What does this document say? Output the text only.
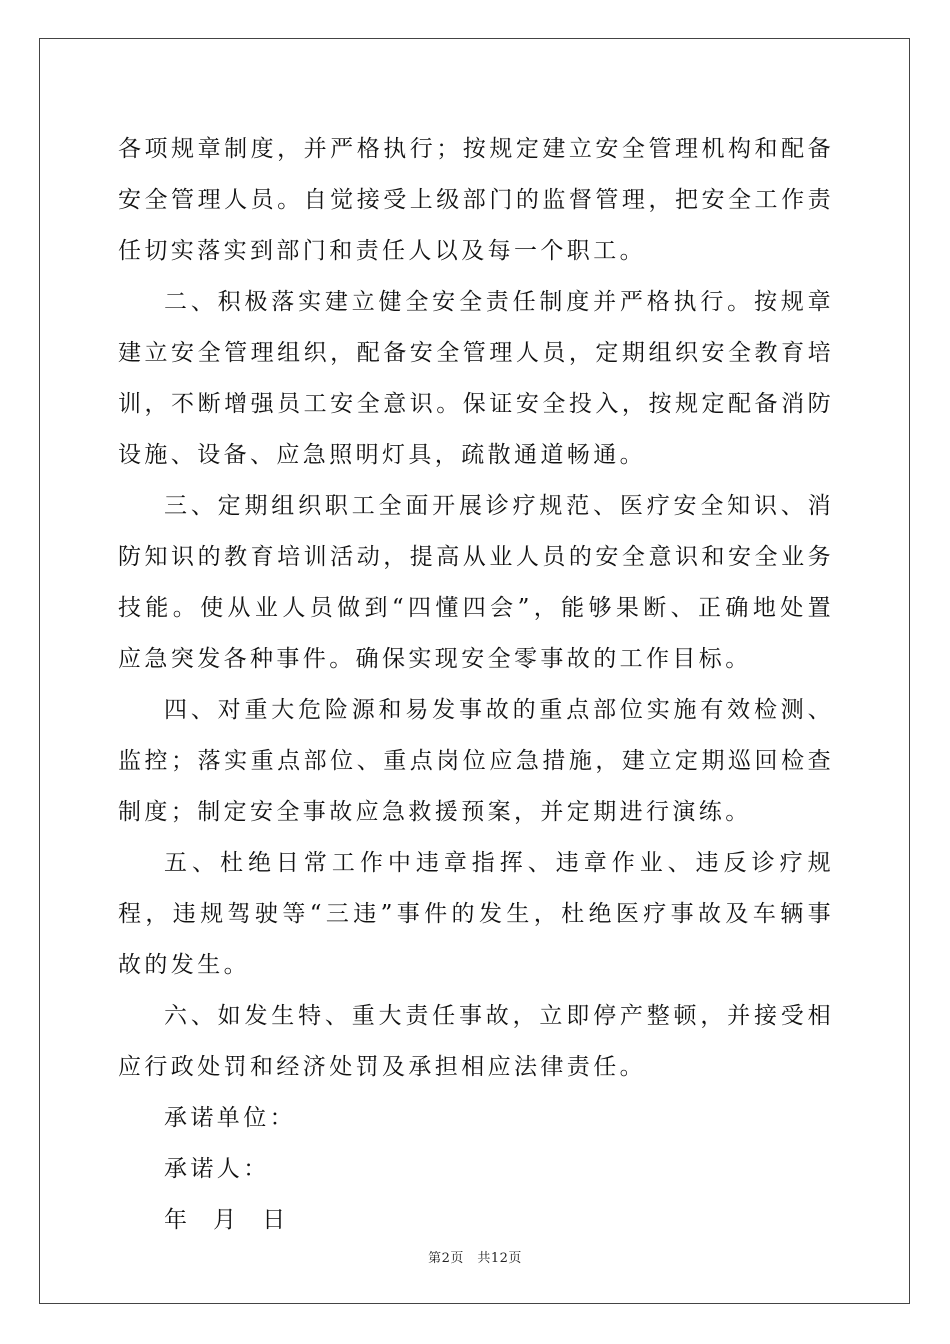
各项规章制度，并严格执行；按规定建立安全管理机构和配备安全管理人员。自觉接受上级部门的监督管理，把安全工作责任切实落实到部门和责任人以及每一个职工。

二、积极落实建立健全安全责任制度并严格执行。按规章建立安全管理组织，配备安全管理人员，定期组织安全教育培训，不断增强员工安全意识。保证安全投入，按规定配备消防设施、设备、应急照明灯具，疏散通道畅通。

三、定期组织职工全面开展诊疗规范、医疗安全知识、消防知识的教育培训活动，提高从业人员的安全意识和安全业务技能。使从业人员做到“四懂四会”，能够果断、正确地处置应急突发各种事件。确保实现安全零事故的工作目标。

四、对重大危险源和易发事故的重点部位实施有效检测、监控；落实重点部位、重点岗位应急措施，建立定期巡回检查制度；制定安全事故应急救援预案，并定期进行演练。

五、杜绝日常工作中违章指挥、违章作业、违反诊疗规程，违规驾驶等“三违”事件的发生，杜绝医疗事故及车辆事故的发生。

六、如发生特、重大责任事故，立即停产整顿，并接受相应行政处罚和经济处罚及承担相应法律责任。

承诺单位：

承诺人：

年 月 日

第2页　共12页
